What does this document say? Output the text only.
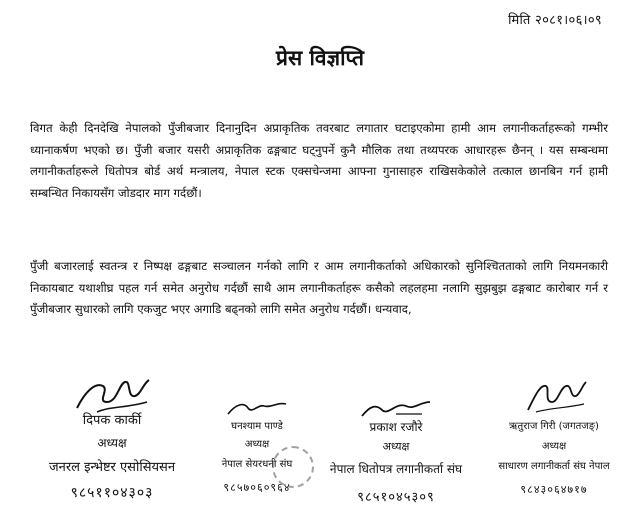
मिति २०८१।०६।०९
प्रेस विज्ञप्ति

विगत केही दिनदेखि नेपालको पुँजीबजार दिनानुदिन अप्राकृतिक तवरबाट लगातार घटाइएकोमा हामी आम लगानीकर्ताहरूको गम्भीर ध्यानाकर्षण भएको छ। पुँजी बजार यसरी अप्राकृतिक ढङ्गबाट घट्नुपर्ने कुनै मौलिक तथा तथ्यपरक आधारहरू छैनन् । यस सम्बन्धमा लगानीकर्ताहरूले धितोपत्र बोर्ड अर्थ मन्त्रालय, नेपाल स्टक एक्सचेन्जमा आफ्ना गुनासाहरु राखिसकेकोले तत्काल छानबिन गर्न हामी सम्बन्धित निकायसँग जोडदार माग गर्दछौं।

पुँजी बजारलाई स्वतन्त्र र निष्पक्ष ढङ्गबाट सञ्चालन गर्नको लागि र आम लगानीकर्ताको अधिकारको सुनिश्चितताको लागि नियमनकारी निकायबाट यथाशीघ्र पहल गर्न समेत अनुरोध गर्दछौं साथै आम लगानीकर्ताहरू कसैको लहलहमा नलागि सुझबुझ ढङ्गबाट कारोबार गर्न र पुँजीबजार सुधारको लागि एकजुट भएर अगाडि बढ्नको लागि समेत अनुरोध गर्दछौं। धन्यवाद,

दिपक कार्की
अध्यक्ष
जनरल इन्भेष्टर एसोसियसन
९८५११०४३०३
घनश्याम पाण्डे
अध्यक्ष
नेपाल सेयरधनी संघ
९८५७०६०९६४
प्रकाश रजौरे
अध्यक्ष
नेपाल धितोपत्र लगानीकर्ता संघ
९८५१०४५३०९
ऋतुराज गिरी (जगतजङ्)
अध्यक्ष
साधारण लगानीकर्ता संघ नेपाल
९८४३०६४७१७
